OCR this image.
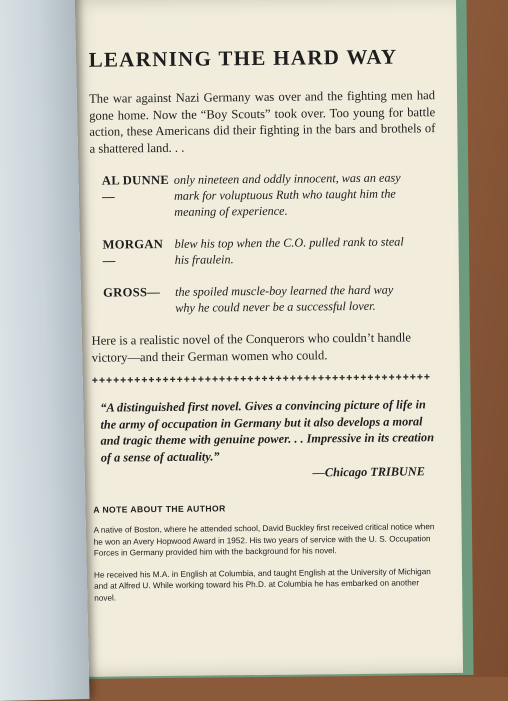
LEARNING THE HARD WAY

The war against Nazi Germany was over and the fighting men had gone home. Now the “Boy Scouts” took over. Too young for battle action, these Americans did their fighting in the bars and brothels of a shattered land. . .

AL DUNNE—
only nineteen and oddly innocent, was an easy mark for voluptuous Ruth who taught him the meaning of experience.
MORGAN—
blew his top when the C.O. pulled rank to steal his fraulein.
GROSS—	the spoiled muscle-boy learned the hard way why he could never be a successful lover.

Here is a realistic novel of the Conquerors who couldn’t handle victory—and their German women who could.

✚✚✚✚✚✚✚✚✚✚✚✚✚✚✚✚✚✚✚✚✚✚✚✚✚✚✚✚✚✚✚✚✚✚✚✚✚✚✚✚✚✚✚✚✚✚✚✚
“A distinguished first novel. Gives a convincing picture of life in the army of occupation in Germany but it also develops a moral and tragic theme with genuine power. . . Impressive in its creation of a sense of actuality.”
—Chicago TRIBUNE
A NOTE ABOUT THE AUTHOR

A native of Boston, where he attended school, David Buckley first received critical notice when he won an Avery Hopwood Award in 1952. His two years of service with the U. S. Occupation Forces in Germany provided him with the background for his novel.

He received his M.A. in English at Columbia, and taught English at the University of Michigan and at Alfred U. While working toward his Ph.D. at Columbia he has embarked on another novel.
